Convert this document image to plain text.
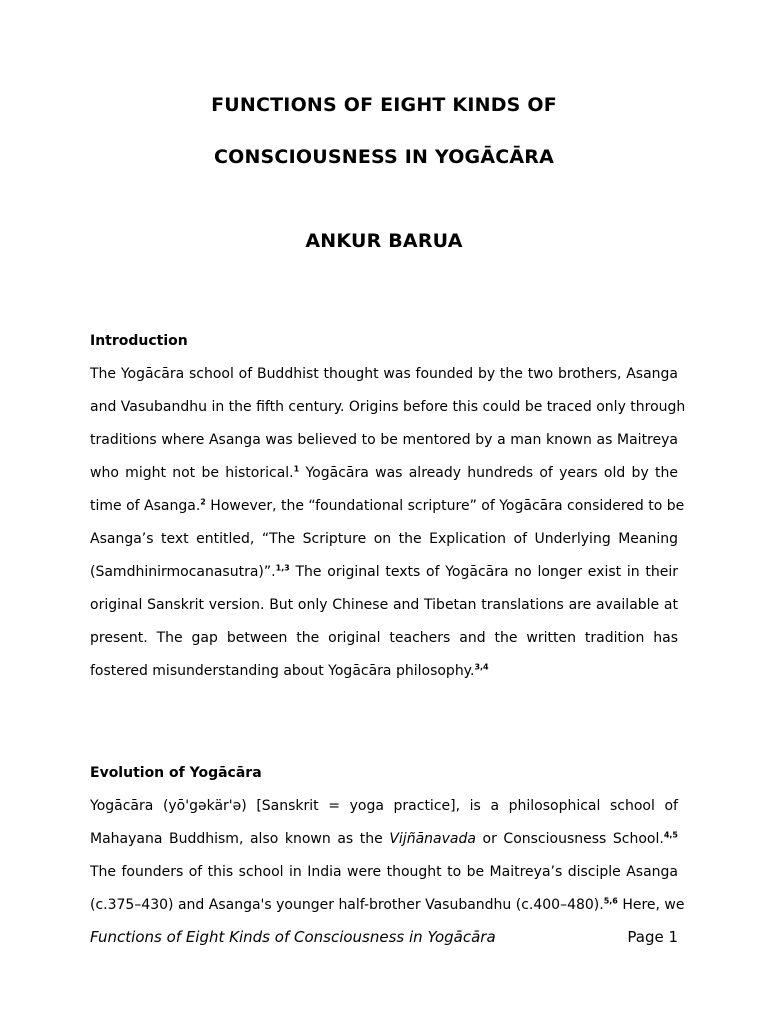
FUNCTIONS OF EIGHT KINDS OF
CONSCIOUSNESS IN YOGĀCĀRA
ANKUR BARUA
Introduction
The Yogācāra school of Buddhist thought was founded by the two brothers, Asanga
and Vasubandhu in the fifth century. Origins before this could be traced only through
traditions where Asanga was believed to be mentored by a man known as Maitreya
who might not be historical.$^1$ Yogācāra was already hundreds of years old by the
time of Asanga.$^2$ However, the “foundational scripture” of Yogācāra considered to be
Asanga’s text entitled, “The Scripture on the Explication of Underlying Meaning
(Samdhinirmocanasutra)”.$^{1,3}$ The original texts of Yogācāra no longer exist in their
original Sanskrit version. But only Chinese and Tibetan translations are available at
present. The gap between the original teachers and the written tradition has
fostered misunderstanding about Yogācāra philosophy.$^{3,4}$
Evolution of Yogācāra
Yogācāra (yō'gəkär'ə) [Sanskrit = yoga practice], is a philosophical school of
Mahayana Buddhism, also known as the Vijñānavada or Consciousness School.$^{4,5}$
The founders of this school in India were thought to be Maitreya’s disciple Asanga
(c.375–430) and Asanga's younger half-brother Vasubandhu (c.400–480).$^{5,6}$ Here, we
Functions of Eight Kinds of Consciousness in Yogācāra	Page 1
